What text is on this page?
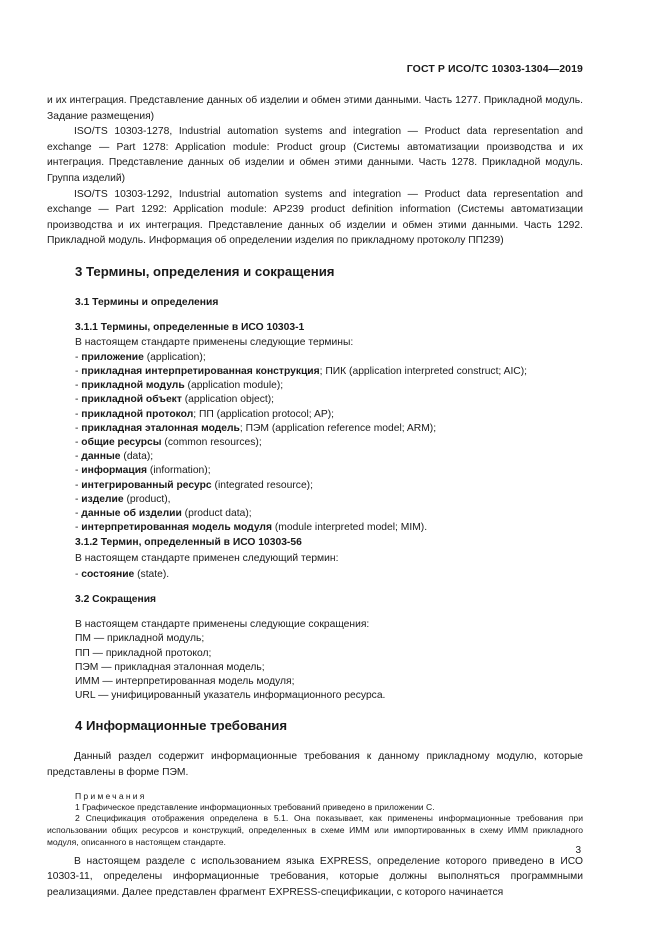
ГОСТ Р ИСО/ТС 10303-1304—2019

и их интеграция. Представление данных об изделии и обмен этими данными. Часть 1277. Прикладной модуль. Задание размещения)

ISO/TS 10303-1278, Industrial automation systems and integration — Product data representation and exchange — Part 1278: Application module: Product group (Системы автоматизации производства и их интеграция. Представление данных об изделии и обмен этими данными. Часть 1278. Прикладной модуль. Группа изделий)

ISO/TS 10303-1292, Industrial automation systems and integration — Product data representation and exchange — Part 1292: Application module: AP239 product definition information (Системы автоматизации производства и их интеграция. Представление данных об изделии и обмен этими данными. Часть 1292. Прикладной модуль. Информация об определении изделия по прикладному протоколу ПП239)

3 Термины, определения и сокращения
3.1 Термины и определения
3.1.1 Термины, определенные в ИСО 10303-1
В настоящем стандарте применены следующие термины:
- приложение (application);
- прикладная интерпретированная конструкция; ПИК (application interpreted construct; AIC);
- прикладной модуль (application module);
- прикладной объект (application object);
- прикладной протокол; ПП (application protocol; AP);
- прикладная эталонная модель; ПЭМ (application reference model; ARM);
- общие ресурсы (common resources);
- данные (data);
- информация (information);
- интегрированный ресурс (integrated resource);
- изделие (product),
- данные об изделии (product data);
- интерпретированная модель модуля (module interpreted model; MIM).
3.1.2 Термин, определенный в ИСО 10303-56
В настоящем стандарте применен следующий термин:
- состояние (state).
3.2 Сокращения
В настоящем стандарте применены следующие сокращения:
ПМ — прикладной модуль;
ПП — прикладной протокол;
ПЭМ — прикладная эталонная модель;
ИММ — интерпретированная модель модуля;
URL — унифицированный указатель информационного ресурса.
4 Информационные требования

Данный раздел содержит информационные требования к данному прикладному модулю, которые представлены в форме ПЭМ.

Примечания
1 Графическое представление информационных требований приведено в приложении С.
2 Спецификация отображения определена в 5.1. Она показывает, как применены информационные требования при использовании общих ресурсов и конструкций, определенных в схеме ИММ или импортированных в схему ИММ прикладного модуля, описанного в настоящем стандарте.

В настоящем разделе с использованием языка EXPRESS, определение которого приведено в ИСО 10303-11, определены информационные требования, которые должны выполняться программными реализациями. Далее представлен фрагмент EXPRESS-спецификации, с которого начинается

3
